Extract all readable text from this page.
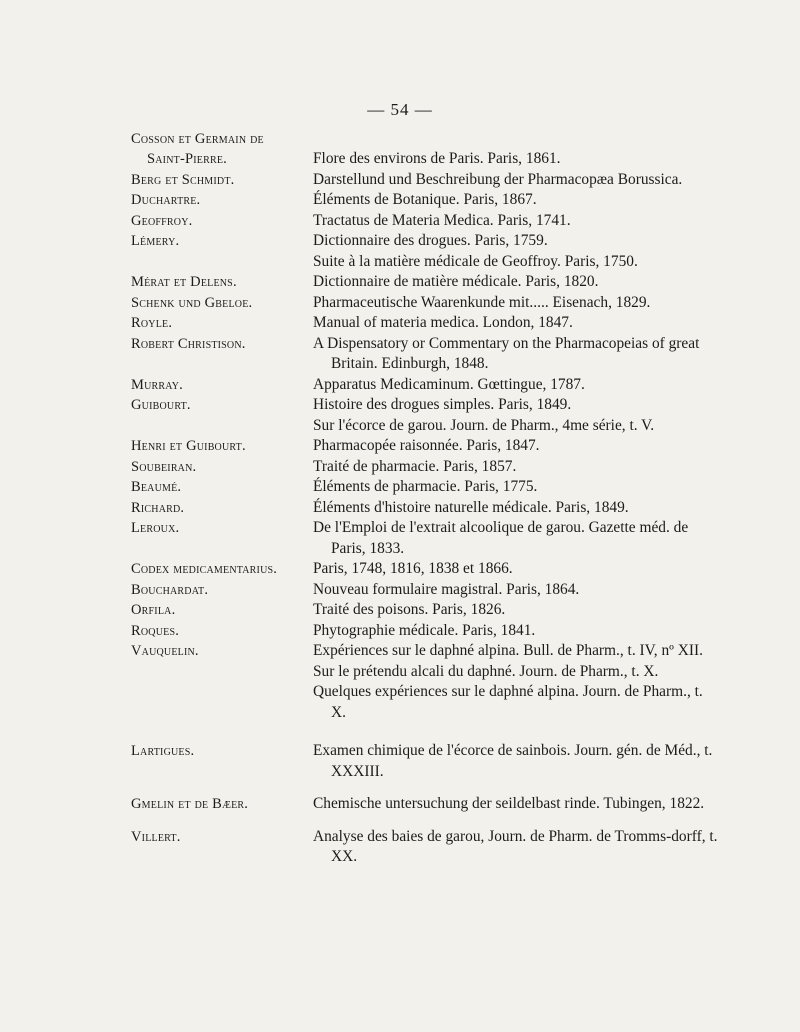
— 54 —
Cosson et Germain de
Saint-Pierre.	Flore des environs de Paris. Paris, 1861.
Berg et Schmidt.	Darstellund und Beschreibung der Pharmacopæa Borussica.
Duchartre.	Éléments de Botanique. Paris, 1867.
Geoffroy.	Tractatus de Materia Medica. Paris, 1741.
Lémery.	Dictionnaire des drogues. Paris, 1759.
Suite à la matière médicale de Geoffroy. Paris, 1750.
Mérat et Delens.	Dictionnaire de matière médicale. Paris, 1820.
Schenk und Gbeloe.	Pharmaceutische Waarenkunde mit..... Eisenach, 1829.
Royle.	Manual of materia medica. London, 1847.
Robert Christison.	A Dispensatory or Commentary on the Pharmacopeias of great Britain. Edinburgh, 1848.
Murray.	Apparatus Medicaminum. Gœttingue, 1787.
Guibourt.	Histoire des drogues simples. Paris, 1849.
Sur l'écorce de garou. Journ. de Pharm., 4me série, t. V.
Henri et Guibourt.	Pharmacopée raisonnée. Paris, 1847.
Soubeiran.	Traité de pharmacie. Paris, 1857.
Beaumé.	Éléments de pharmacie. Paris, 1775.
Richard.	Éléments d'histoire naturelle médicale. Paris, 1849.
Leroux.	De l'Emploi de l'extrait alcoolique de garou. Gazette méd. de Paris, 1833.
Codex medicamentarius.	Paris, 1748, 1816, 1838 et 1866.
Bouchardat.	Nouveau formulaire magistral. Paris, 1864.
Orfila.	Traité des poisons. Paris, 1826.
Roques.	Phytographie médicale. Paris, 1841.
Vauquelin.	Expériences sur le daphné alpina. Bull. de Pharm., t. IV, nº XII.
Sur le prétendu alcali du daphné. Journ. de Pharm., t. X.
Quelques expériences sur le daphné alpina. Journ. de Pharm., t. X.
Lartigues.	Examen chimique de l'écorce de sainbois. Journ. gén. de Méd., t. XXXIII.
Gmelin et de Bæer.	Chemische untersuchung der seildelbast rinde. Tubingen, 1822.
Villert.	Analyse des baies de garou, Journ. de Pharm. de Tromms-dorff, t. XX.
